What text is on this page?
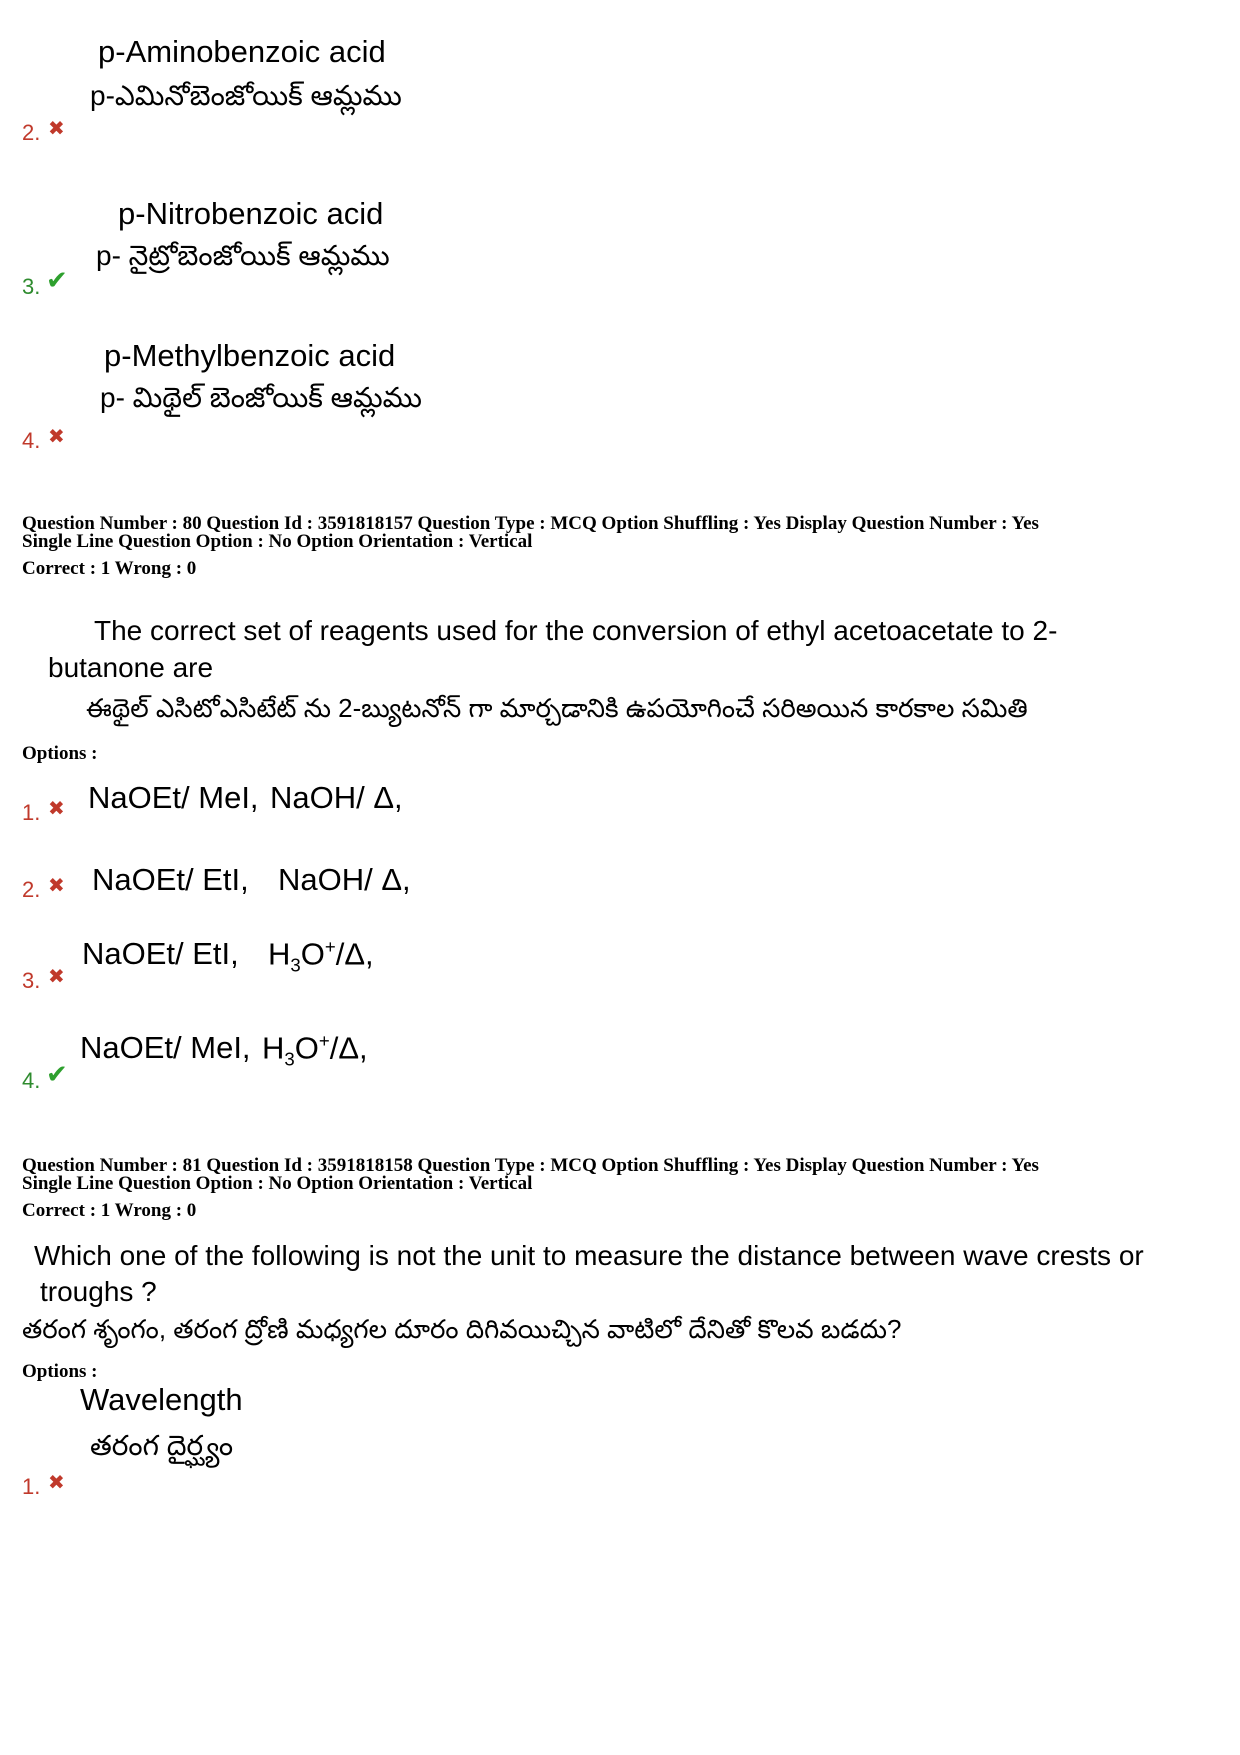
p-Aminobenzoic acid
p-ఎమినోబెంజోయిక్ ఆమ్లము
2. ✖
p-Nitrobenzoic acid
p- నైట్రోబెంజోయిక్ ఆమ్లము
3. ✔
p-Methylbenzoic acid
p- మిథైల్ బెంజోయిక్ ఆమ్లము
4. ✖
Question Number : 80 Question Id : 3591818157 Question Type : MCQ Option Shuffling : Yes Display Question Number : Yes
Single Line Question Option : No Option Orientation : Vertical
Correct : 1 Wrong : 0
The correct set of reagents used for the conversion of ethyl acetoacetate to 2-
butanone are
ఈథైల్ ఎసిటోఎసిటేట్ ను 2-బ్యుటనోన్ గా మార్చడానికి ఉపయోగించే సరిఅయిన కారకాల సమితి
Options :
1. ✖ NaOEt/ MeI, NaOH/ Δ,
2. ✖ NaOEt/ EtI, NaOH/ Δ,
3. ✖
NaOEt/ EtI, $H_3O^+/\Delta$,
4. ✔
NaOEt/ MeI, $H_3O^+/\Delta$,
Question Number : 81 Question Id : 3591818158 Question Type : MCQ Option Shuffling : Yes Display Question Number : Yes
Single Line Question Option : No Option Orientation : Vertical
Correct : 1 Wrong : 0
Which one of the following is not the unit to measure the distance between wave crests or
troughs ?
తరంగ శృంగం, తరంగ ద్రోణి మధ్యగల దూరం దిగివయిచ్చిన వాటిలో దేనితో కొలవ బడదు?
Options :
Wavelength
తరంగ దైర్ఘ్యం
1. ✖
